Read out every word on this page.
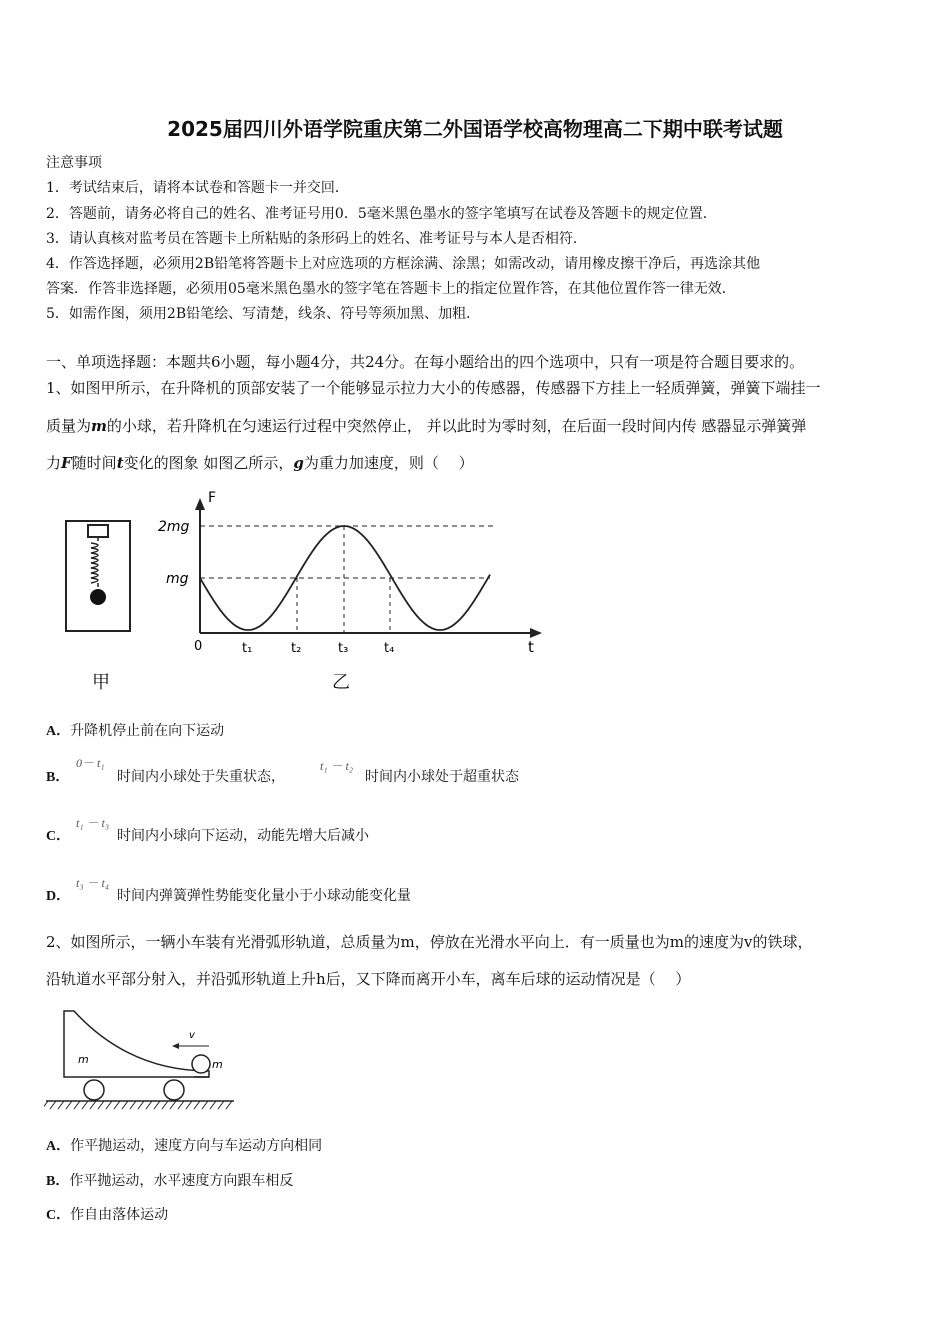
2025届四川外语学院重庆第二外国语学校高物理高二下期中联考试题
注意事项
1．考试结束后，请将本试卷和答题卡一并交回．
2．答题前，请务必将自己的姓名、准考证号用0．5毫米黑色墨水的签字笔填写在试卷及答题卡的规定位置．
3．请认真核对监考员在答题卡上所粘贴的条形码上的姓名、准考证号与本人是否相符．
4．作答选择题，必须用2B铅笔将答题卡上对应选项的方框涂满、涂黑；如需改动，请用橡皮擦干净后，再选涂其他
答案．作答非选择题，必须用05毫米黑色墨水的签字笔在答题卡上的指定位置作答，在其他位置作答一律无效．
5．如需作图，须用2B铅笔绘、写清楚，线条、符号等须加黑、加粗．
一、单项选择题：本题共6小题，每小题4分，共24分。在每小题给出的四个选项中，只有一项是符合题目要求的。
1、如图甲所示，在升降机的顶部安装了一个能够显示拉力大小的传感器，传感器下方挂上一轻质弹簧，弹簧下端挂一
质量为m的小球，若升降机在匀速运行过程中突然停止， 并以此时为零时刻，在后面一段时间内传 感器显示弹簧弹
力F随时间t变化的图象 如图乙所示，g为重力加速度，则（　 ）
甲
F
t
2mg
mg
0	t₁	t₂	t₃	t₄
乙
A．升降机停止前在向下运动
B．
0－ t₁
时间内小球处于失重状态，
t₁ － t₂
时间内小球处于超重状态
C．
t₁ － t₃
时间内小球向下运动，动能先增大后减小
D．
t₃ － t₄
时间内弹簧弹性势能变化量小于小球动能变化量
2、如图所示，一辆小车装有光滑弧形轨道，总质量为m，停放在光滑水平向上．有一质量也为m的速度为v的铁球，
沿轨道水平部分射入，并沿弧形轨道上升h后，又下降而离开小车，离车后球的运动情况是（　 ）
v
m	m
A．作平抛运动，速度方向与车运动方向相同
B．作平抛运动，水平速度方向跟车相反
C．作自由落体运动
